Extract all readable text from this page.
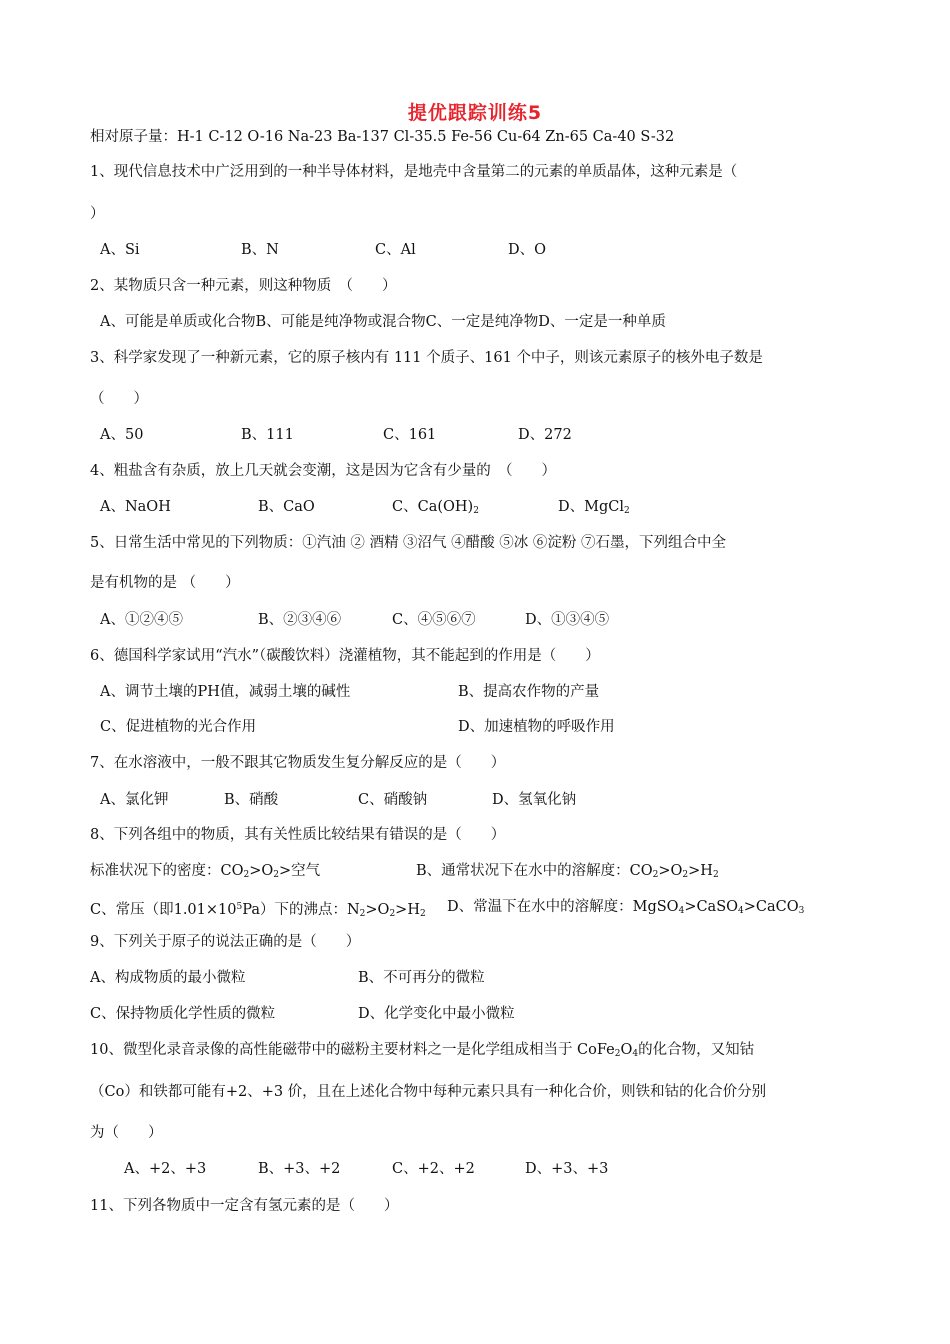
提优跟踪训练5
相对原子量：H-1 C-12 O-16 Na-23 Ba-137 Cl-35.5 Fe-56 Cu-64 Zn-65 Ca-40 S-32
1、现代信息技术中广泛用到的一种半导体材料，是地壳中含量第二的元素的单质晶体，这种元素是（
）
A、Si	B、N	C、Al	D、O
2、某物质只含一种元素，则这种物质　（　　）
A、可能是单质或化合物B、可能是纯净物或混合物C、一定是纯净物D、一定是一种单质
3、科学家发现了一种新元素，它的原子核内有 111 个质子、161 个中子，则该元素原子的核外电子数是
（　　）
A、50	B、111	C、161	D、272
4、粗盐含有杂质，放上几天就会变潮，这是因为它含有少量的　（　　）
A、NaOH	B、CaO	C、$Ca(OH)_2$	D、MgCl$_2$
5、日常生活中常见的下列物质：①汽油 ② 酒精 ③沼气 ④醋酸 ⑤冰 ⑥淀粉 ⑦石墨，下列组合中全
是有机物的是 （　　）
A、①②④⑤	B、②③④⑥	C、④⑤⑥⑦	D、①③④⑤
6、德国科学家试用“汽水”（碳酸饮料）浇灌植物，其不能起到的作用是（　　）
A、调节土壤的PH值，减弱土壤的碱性	B、提高农作物的产量
C、促进植物的光合作用	D、加速植物的呼吸作用
7、在水溶液中，一般不跟其它物质发生复分解反应的是（　　）
A、氯化钾	B、硝酸	C、硝酸钠	D、氢氧化钠
8、下列各组中的物质，其有关性质比较结果有错误的是（　　）
标准状况下的密度：$CO_2>O_2>$空气	B、通常状况下在水中的溶解度：$CO_2>O_2>H_2$
C、常压（即$1.01\times 10^5Pa$）下的沸点：$N_2>O_2>H_2$ D、常温下在水中的溶解度：MgSO$_4$>CaSO$_4$>CaCO$_3$
9、下列关于原子的说法正确的是（　　）
A、构成物质的最小微粒	B、不可再分的微粒
C、保持物质化学性质的微粒	D、化学变化中最小微粒
10、微型化录音录像的高性能磁带中的磁粉主要材料之一是化学组成相当于 $CoFe_2O_4$的化合物，又知钴
（Co）和铁都可能有+2、+3 价，且在上述化合物中每种元素只具有一种化合价，则铁和钴的化合价分别
为（　　）
A、+2、+3	B、+3、+2	C、+2、+2	D、+3、+3
11、下列各物质中一定含有氢元素的是（　　）
